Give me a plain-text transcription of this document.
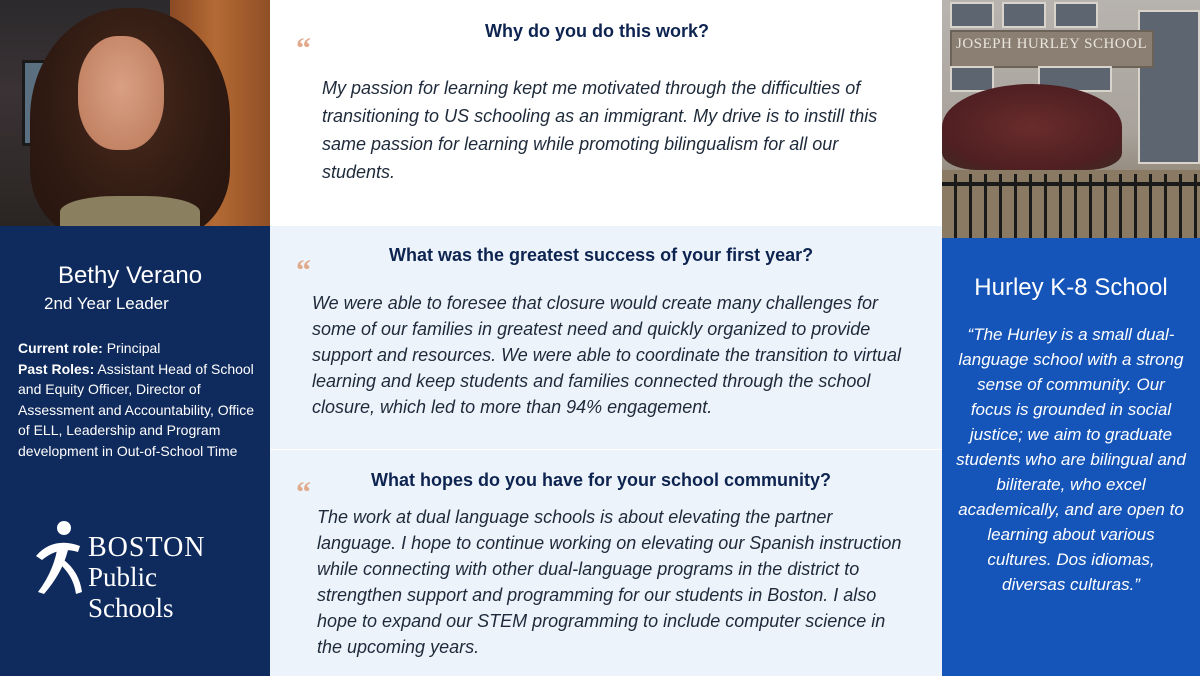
Bethy Verano
2nd Year Leader
Current role: Principal
Past Roles: Assistant Head of School and Equity Officer, Director of Assessment and Accountability, Office of ELL, Leadership and Program development in Out-of-School Time
BOSTON
Public Schools
“
Why do you do this work?
My passion for learning kept me motivated through the difficulties of transitioning to US schooling as an immigrant. My drive is to instill this same passion for learning while promoting bilingualism for all our students.
“	What was the greatest success of your first year?
We were able to foresee that closure would create many challenges for some of our families in greatest need and quickly organized to provide support and resources. We were able to coordinate the transition to virtual learning and keep students and families connected through the school closure, which led to more than 94% engagement.
“	What hopes do you have for your school community?
The work at dual language schools is about elevating the partner language. I hope to continue working on elevating our Spanish instruction while connecting with other dual-language programs in the district to strengthen support and programming for our students in Boston. I also hope to expand our STEM programming to include computer science in the upcoming years.
JOSEPH HURLEY SCHOOL
Hurley K-8 School
“The Hurley is a small dual-language school with a strong sense of community. Our focus is grounded in social justice; we aim to graduate students who are bilingual and biliterate, who excel academically, and are open to learning about various cultures. Dos idiomas, diversas culturas.”
